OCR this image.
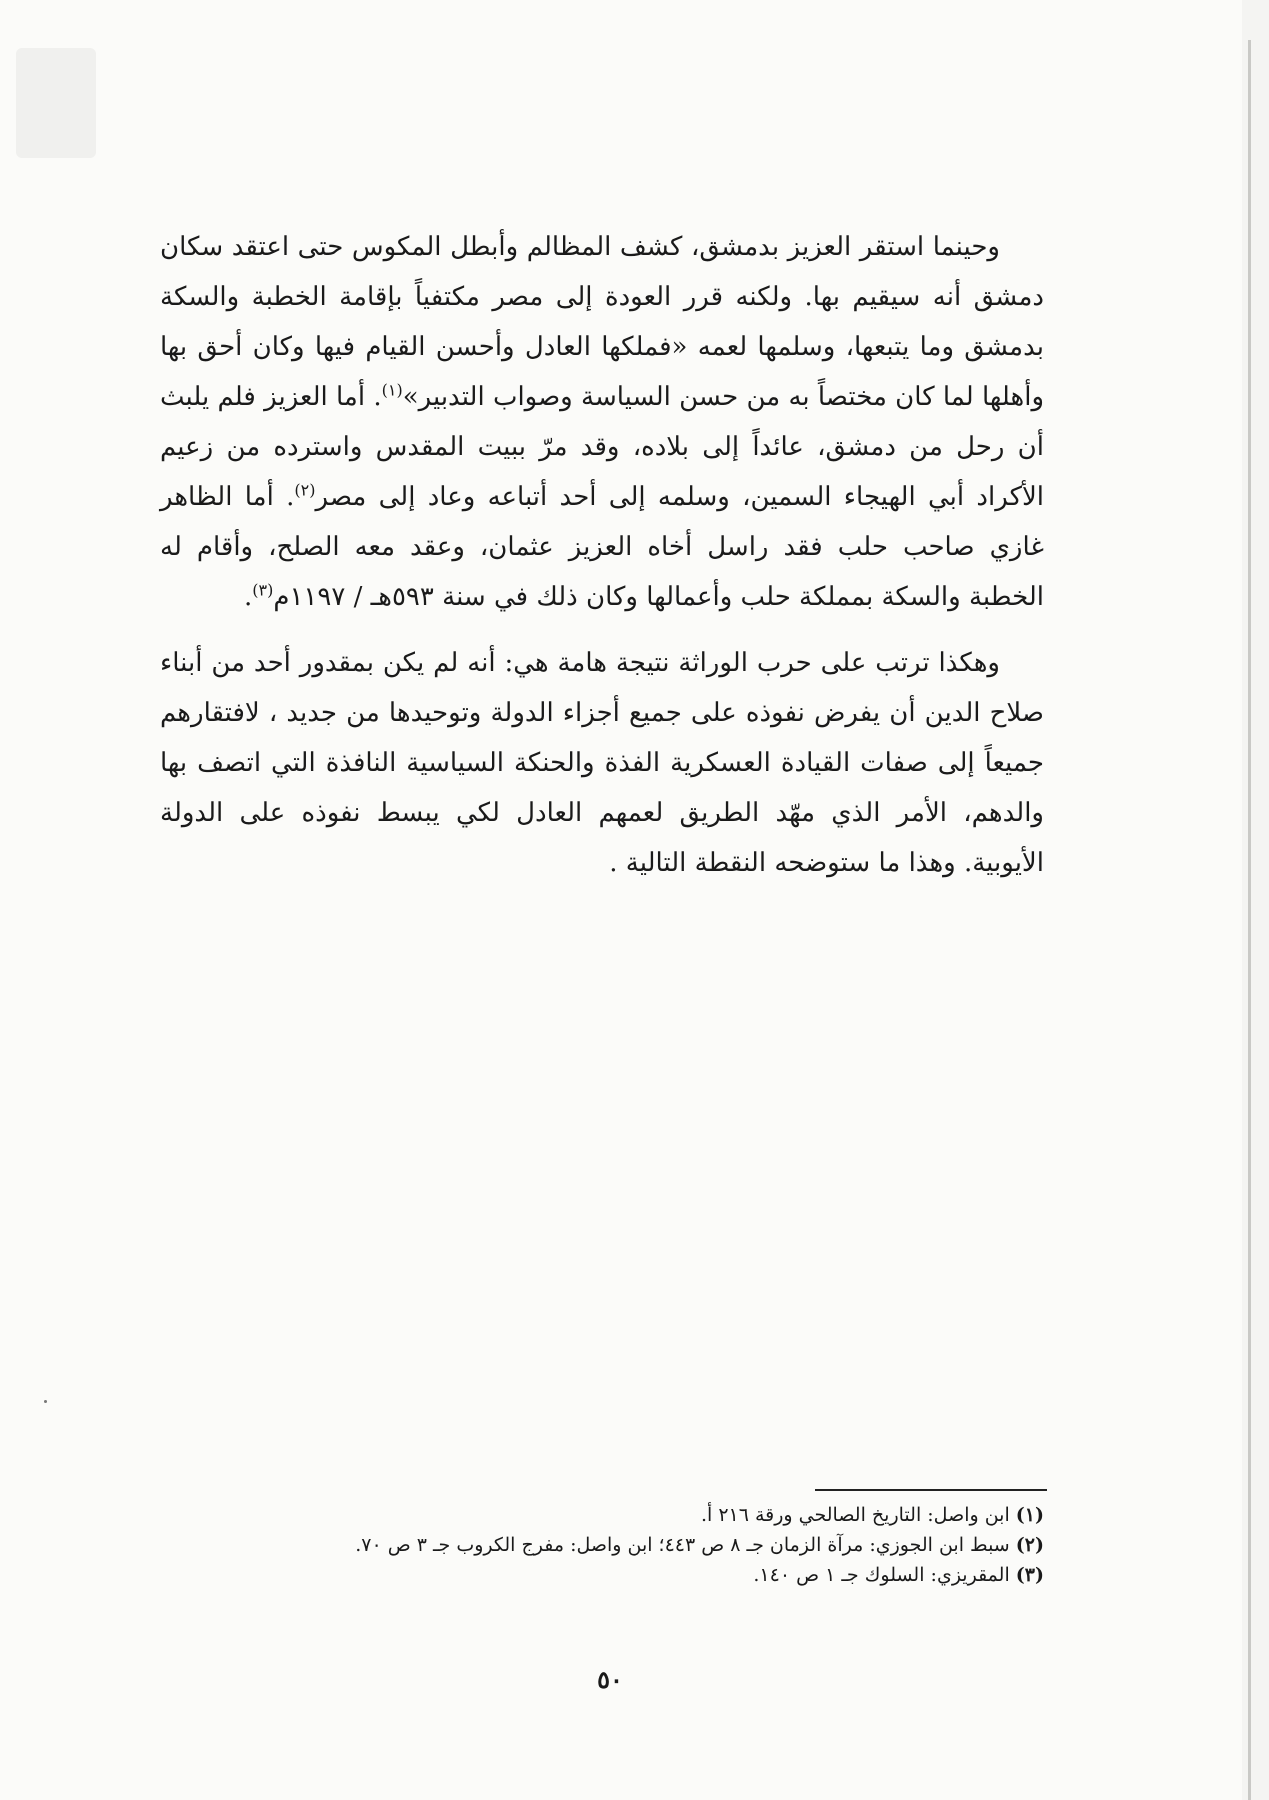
وحينما استقر العزيز بدمشق، كشف المظالم وأبطل المكوس حتى اعتقد سكان دمشق أنه سيقيم بها. ولكنه قرر العودة إلى مصر مكتفياً بإقامة الخطبة والسكة بدمشق وما يتبعها، وسلمها لعمه «فملكها العادل وأحسن القيام فيها وكان أحق بها وأهلها لما كان مختصاً به من حسن السياسة وصواب التدبير»$^{(١)}$. أما العزيز فلم يلبث أن رحل من دمشق، عائداً إلى بلاده، وقد مرّ ببيت المقدس واسترده من زعيم الأكراد أبي الهيجاء السمين، وسلمه إلى أحد أتباعه وعاد إلى مصر$^{(٢)}$. أما الظاهر غازي صاحب حلب فقد راسل أخاه العزيز عثمان، وعقد معه الصلح، وأقام له الخطبة والسكة بمملكة حلب وأعمالها وكان ذلك في سنة ٥٩٣هـ / ١١٩٧م$^{(٣)}$.

وهكذا ترتب على حرب الوراثة نتيجة هامة هي: أنه لم يكن بمقدور أحد من أبناء صلاح الدين أن يفرض نفوذه على جميع أجزاء الدولة وتوحيدها من جديد ، لافتقارهم جميعاً إلى صفات القيادة العسكرية الفذة والحنكة السياسية النافذة التي اتصف بها والدهم، الأمر الذي مهّد الطريق لعمهم العادل لكي يبسط نفوذه على الدولة الأيوبية. وهذا ما ستوضحه النقطة التالية .

(١) ابن واصل: التاريخ الصالحي ورقة ٢١٦ أ.

(٢) سبط ابن الجوزي: مرآة الزمان جـ ٨ ص ٤٤٣؛ ابن واصل: مفرج الكروب جـ ٣ ص ٧٠.

(٣) المقريزي: السلوك جـ ١ ص ١٤٠.

٥٠
